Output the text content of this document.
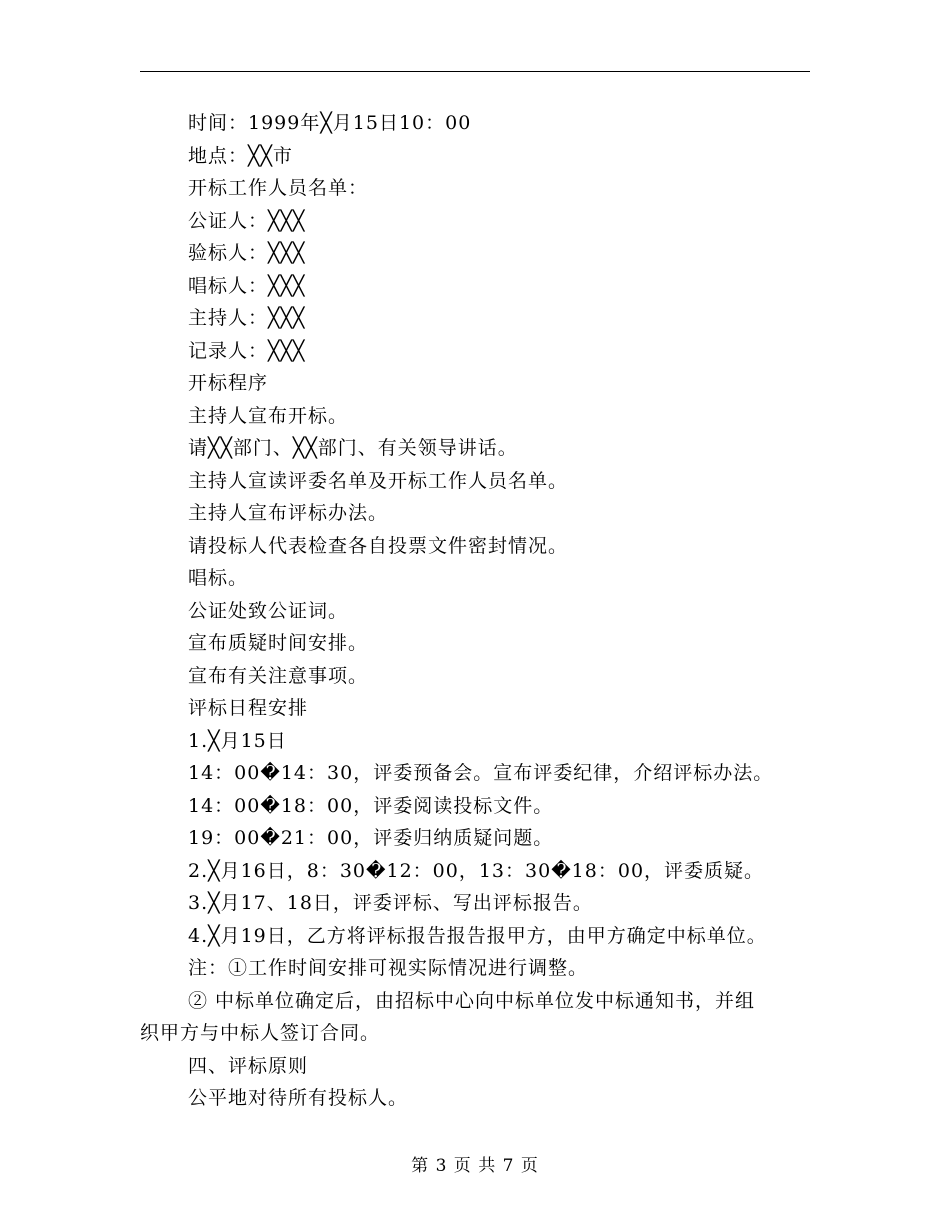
时间：1999年╳月15日10：00
地点：╳╳市
开标工作人员名单：
公证人：╳╳╳
验标人：╳╳╳
唱标人：╳╳╳
主持人：╳╳╳
记录人：╳╳╳
开标程序
主持人宣布开标。
请╳╳部门、╳╳部门、有关领导讲话。
主持人宣读评委名单及开标工作人员名单。
主持人宣布评标办法。
请投标人代表检查各自投票文件密封情况。
唱标。
公证处致公证词。
宣布质疑时间安排。
宣布有关注意事项。
评标日程安排
1.╳月15日
14：00�14：30，评委预备会。宣布评委纪律，介绍评标办法。
14：00�18：00，评委阅读投标文件。
19：00�21：00，评委归纳质疑问题。
2.╳月16日，8：30�12：00，13：30�18：00，评委质疑。
3.╳月17、18日，评委评标、写出评标报告。
4.╳月19日，乙方将评标报告报告报甲方，由甲方确定中标单位。
注：①工作时间安排可视实际情况进行调整。
② 中标单位确定后，由招标中心向中标单位发中标通知书，并组
织甲方与中标人签订合同。
四、评标原则
公平地对待所有投标人。
第 3 页 共 7 页
